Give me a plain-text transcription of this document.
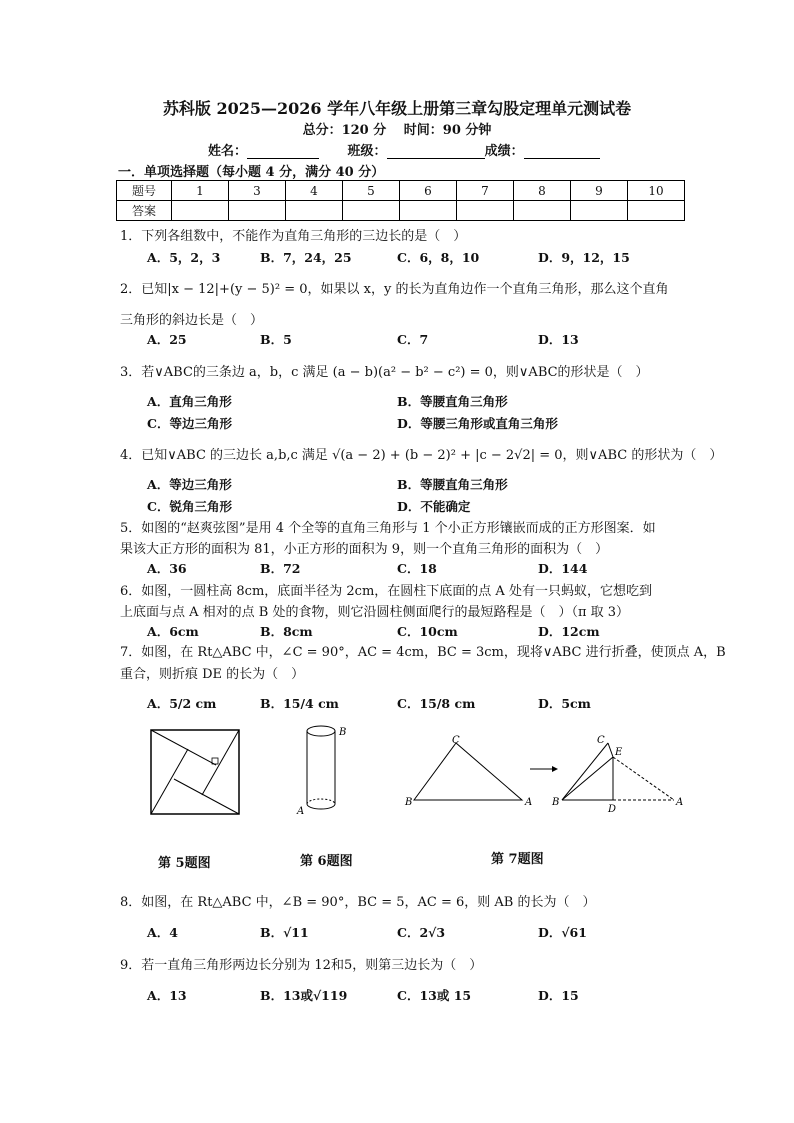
苏科版 2025—2026 学年八年级上册第三章勾股定理单元测试卷
总分：120 分　 时间：90 分钟
姓名：	班级：	成绩：
一．单项选择题（每小题 4 分，满分 40 分）
题号	1	3	4	5	6	7	8	9	10
答案									
1．下列各组数中，不能作为直角三角形的三边长的是（　）
A．5，2，3	B．7，24，25	C．6，8，10	D．9，12，15
2．已知|x − 12|+(y − 5)² = 0，如果以 x，y 的长为直角边作一个直角三角形，那么这个直角
三角形的斜边长是（　）
A．25	B．5	C．7	D．13
3．若∨ABC的三条边 a，b，c 满足 (a − b)(a² − b² − c²) = 0，则∨ABC的形状是（　）
A．直角三角形	B．等腰直角三角形
C．等边三角形	D．等腰三角形或直角三角形
4．已知∨ABC 的三边长 a,b,c 满足 √(a − 2) + (b − 2)² + |c − 2√2| = 0，则∨ABC 的形状为（　）
A．等边三角形	B．等腰直角三角形
C．锐角三角形	D．不能确定
5．如图的“赵爽弦图”是用 4 个全等的直角三角形与 1 个小正方形镶嵌而成的正方形图案．如
果该大正方形的面积为 81，小正方形的面积为 9，则一个直角三角形的面积为（　）
A．36	B．72	C．18	D．144
6．如图，一圆柱高 8cm，底面半径为 2cm，在圆柱下底面的点 A 处有一只蚂蚁，它想吃到
上底面与点 A 相对的点 B 处的食物，则它沿圆柱侧面爬行的最短路程是（　）（π 取 3）
A．6cm	B．8cm	C．10cm	D．12cm
7．如图，在 Rt△ABC 中，∠C = 90°，AC = 4cm，BC = 3cm，现将∨ABC 进行折叠，使顶点 A，B
重合，则折痕 DE 的长为（　）
A．5/2 cm	B．15/4 cm	C．15/8 cm	D．5cm
第 5题图
B
A
第 6题图
C
B	A
C
E
B
D
A
第 7题图
8．如图，在 Rt△ABC 中，∠B = 90°，BC = 5，AC = 6，则 AB 的长为（　）
A．4	B．√11	C．2√3	D．√61
9．若一直角三角形两边长分别为 12和5，则第三边长为（　）
A．13	B．13或√119	C．13或 15	D．15
